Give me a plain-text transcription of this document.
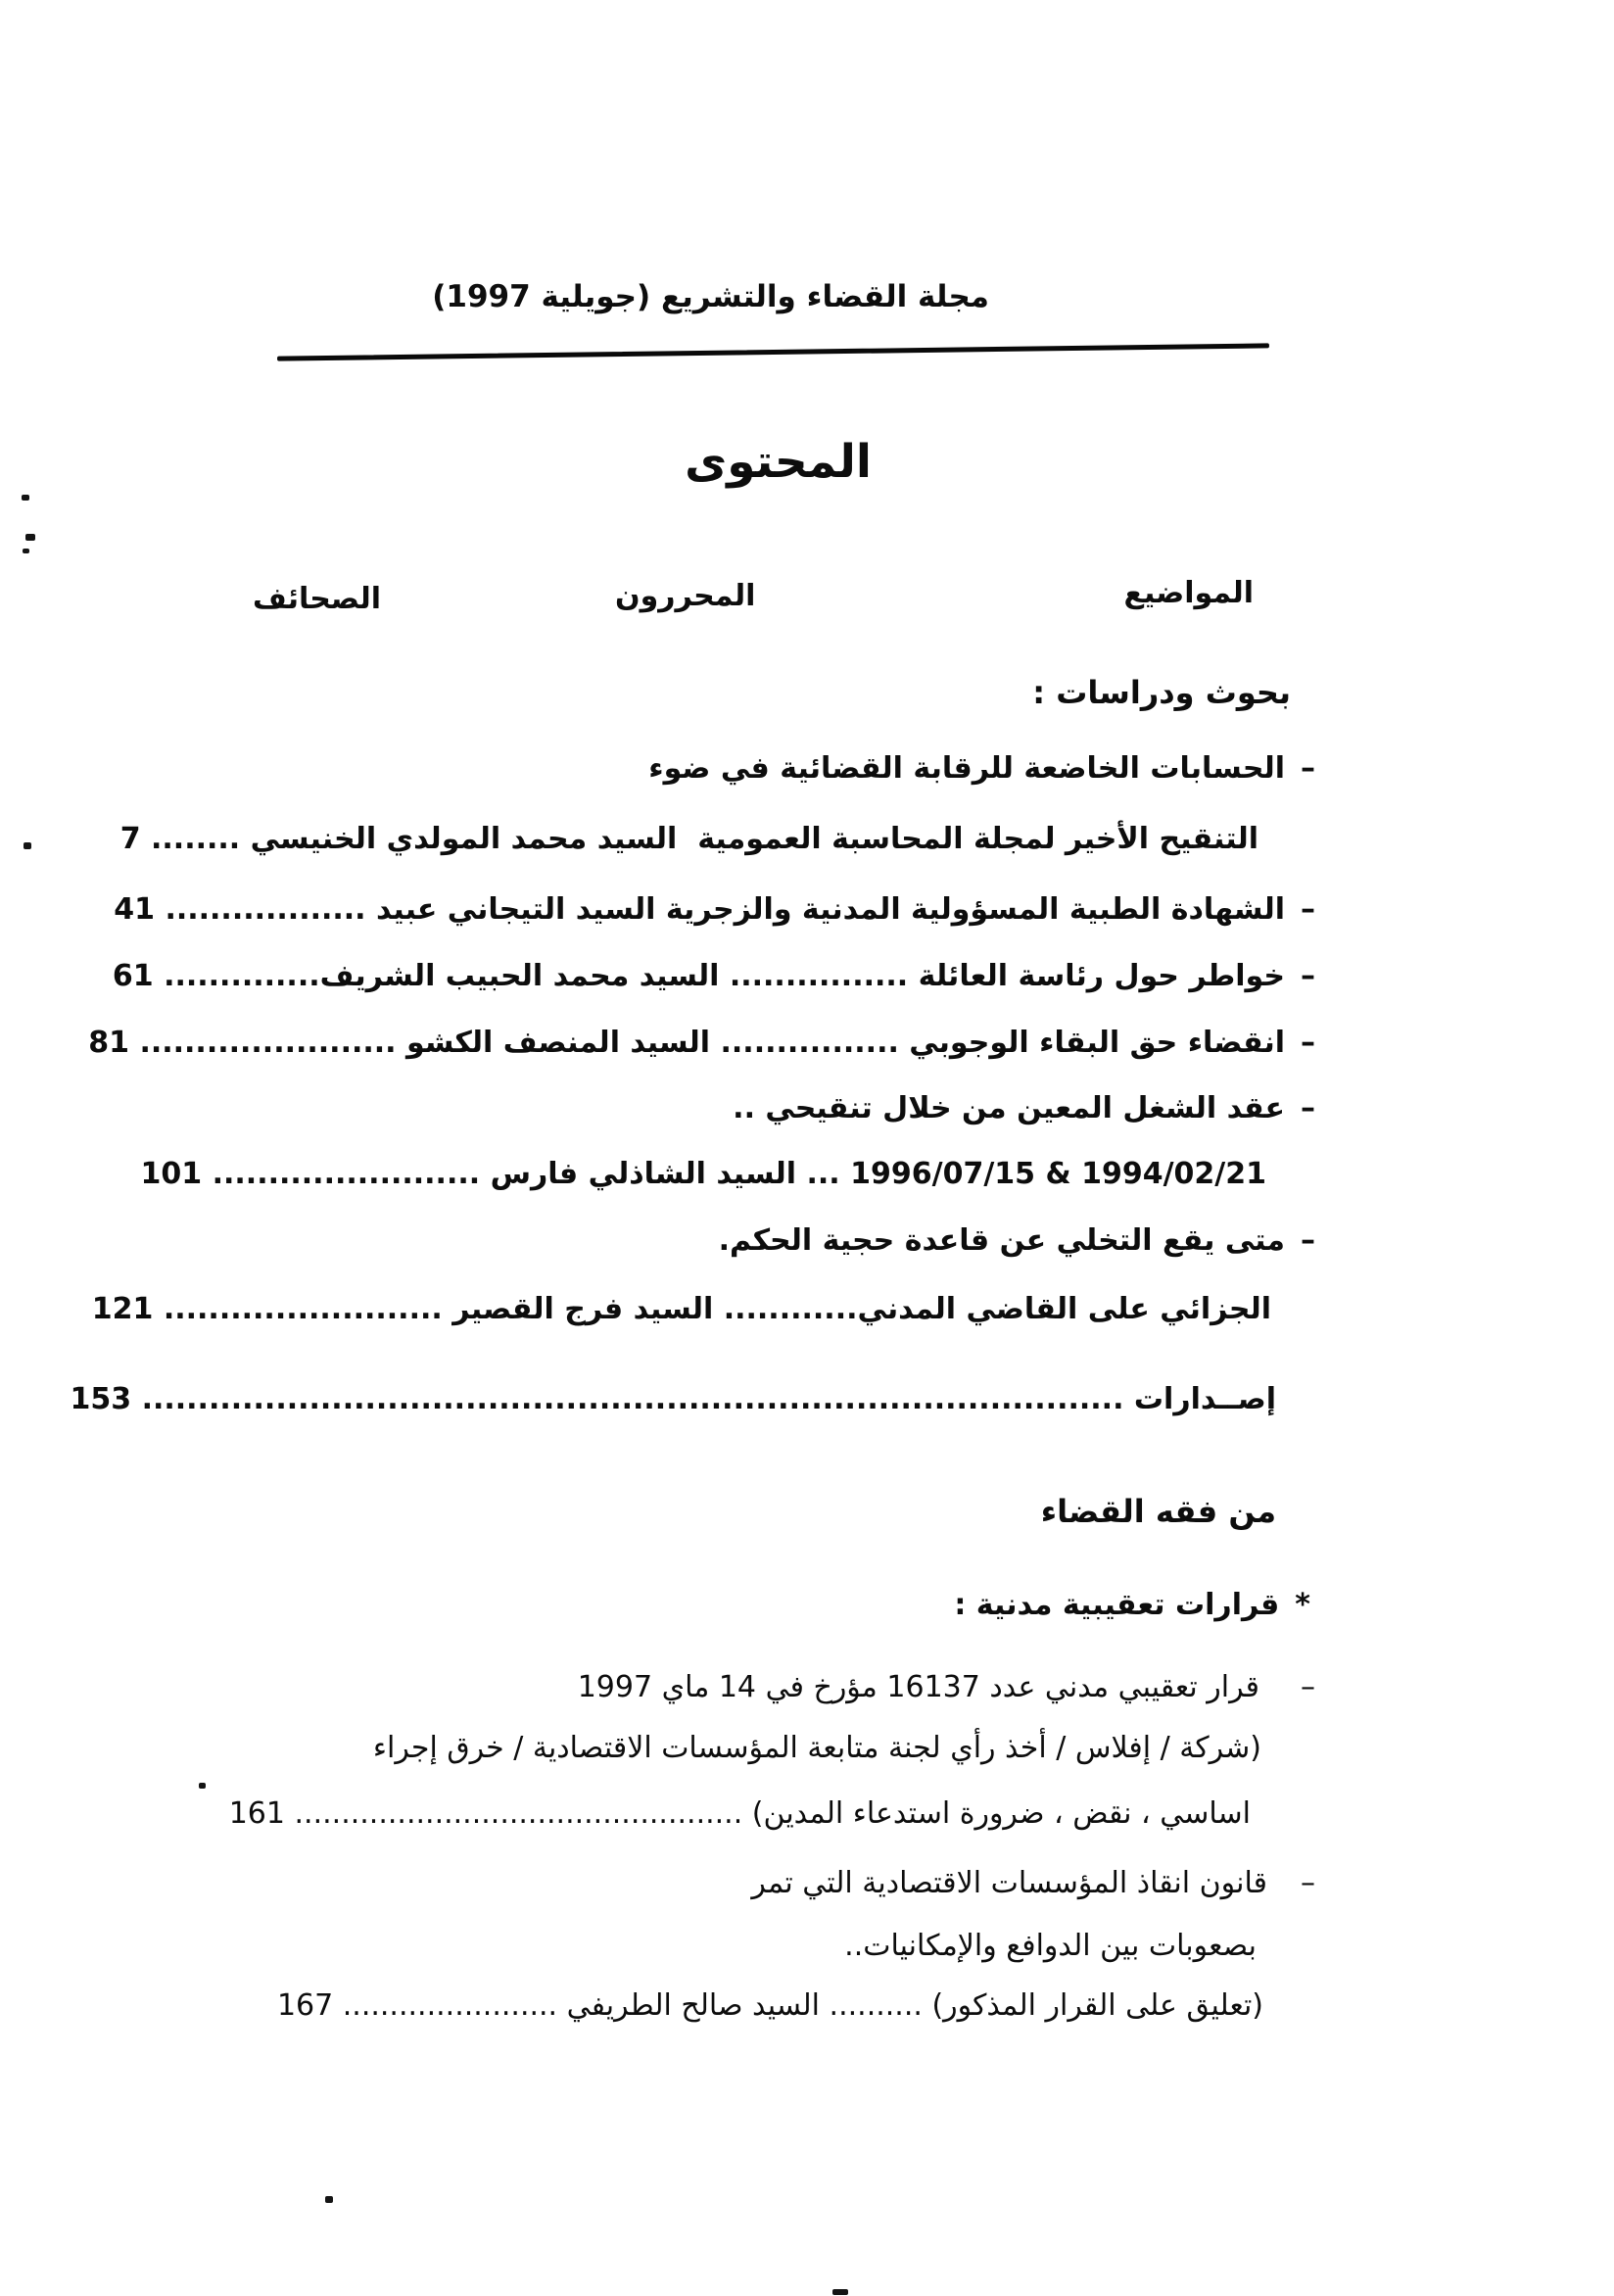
مجلة القضاء والتشريع (جويلية 1997)
المحتوى
المواضيع
المحررون
الصحائف
بحوث ودراسات :
–الحسابات الخاضعة للرقابة القضائية في ضوء
التنقيح الأخير لمجلة المحاسبة العمومية  السيد محمد المولدي الخنيسي ........ 7
–الشهادة الطبية المسؤولية المدنية والزجرية السيد التيجاني عبيد .................. 41
–خواطر حول رئاسة العائلة ................ السيد محمد الحبيب الشريف.............. 61
–انقضاء حق البقاء الوجوبي ................ السيد المنصف الكشو ....................... 81
–عقد الشغل المعين من خلال تنقيحي ..
1994/02/21 & 1996/07/15 ... السيد الشاذلي فارس ........................ 101
–متى يقع التخلي عن قاعدة حجية الحكم.
الجزائي على القاضي المدني............ السيد فرج القصير ......................... 121
إصــدارات ........................................................................................ 153
من فقه القضاء
*قرارات تعقيبية مدنية :
–قرار تعقيبي مدني عدد 16137 مؤرخ في 14 ماي 1997
(شركة / إفلاس / أخذ رأي لجنة متابعة المؤسسات الاقتصادية / خرق إجراء
اساسي ، نقض ، ضرورة استدعاء المدين) ................................................ 161
–قانون انقاذ المؤسسات الاقتصادية التي تمر
بصعوبات بين الدوافع والإمكانيات..
(تعليق على القرار المذكور) .......... السيد صالح الطريفي ....................... 167
